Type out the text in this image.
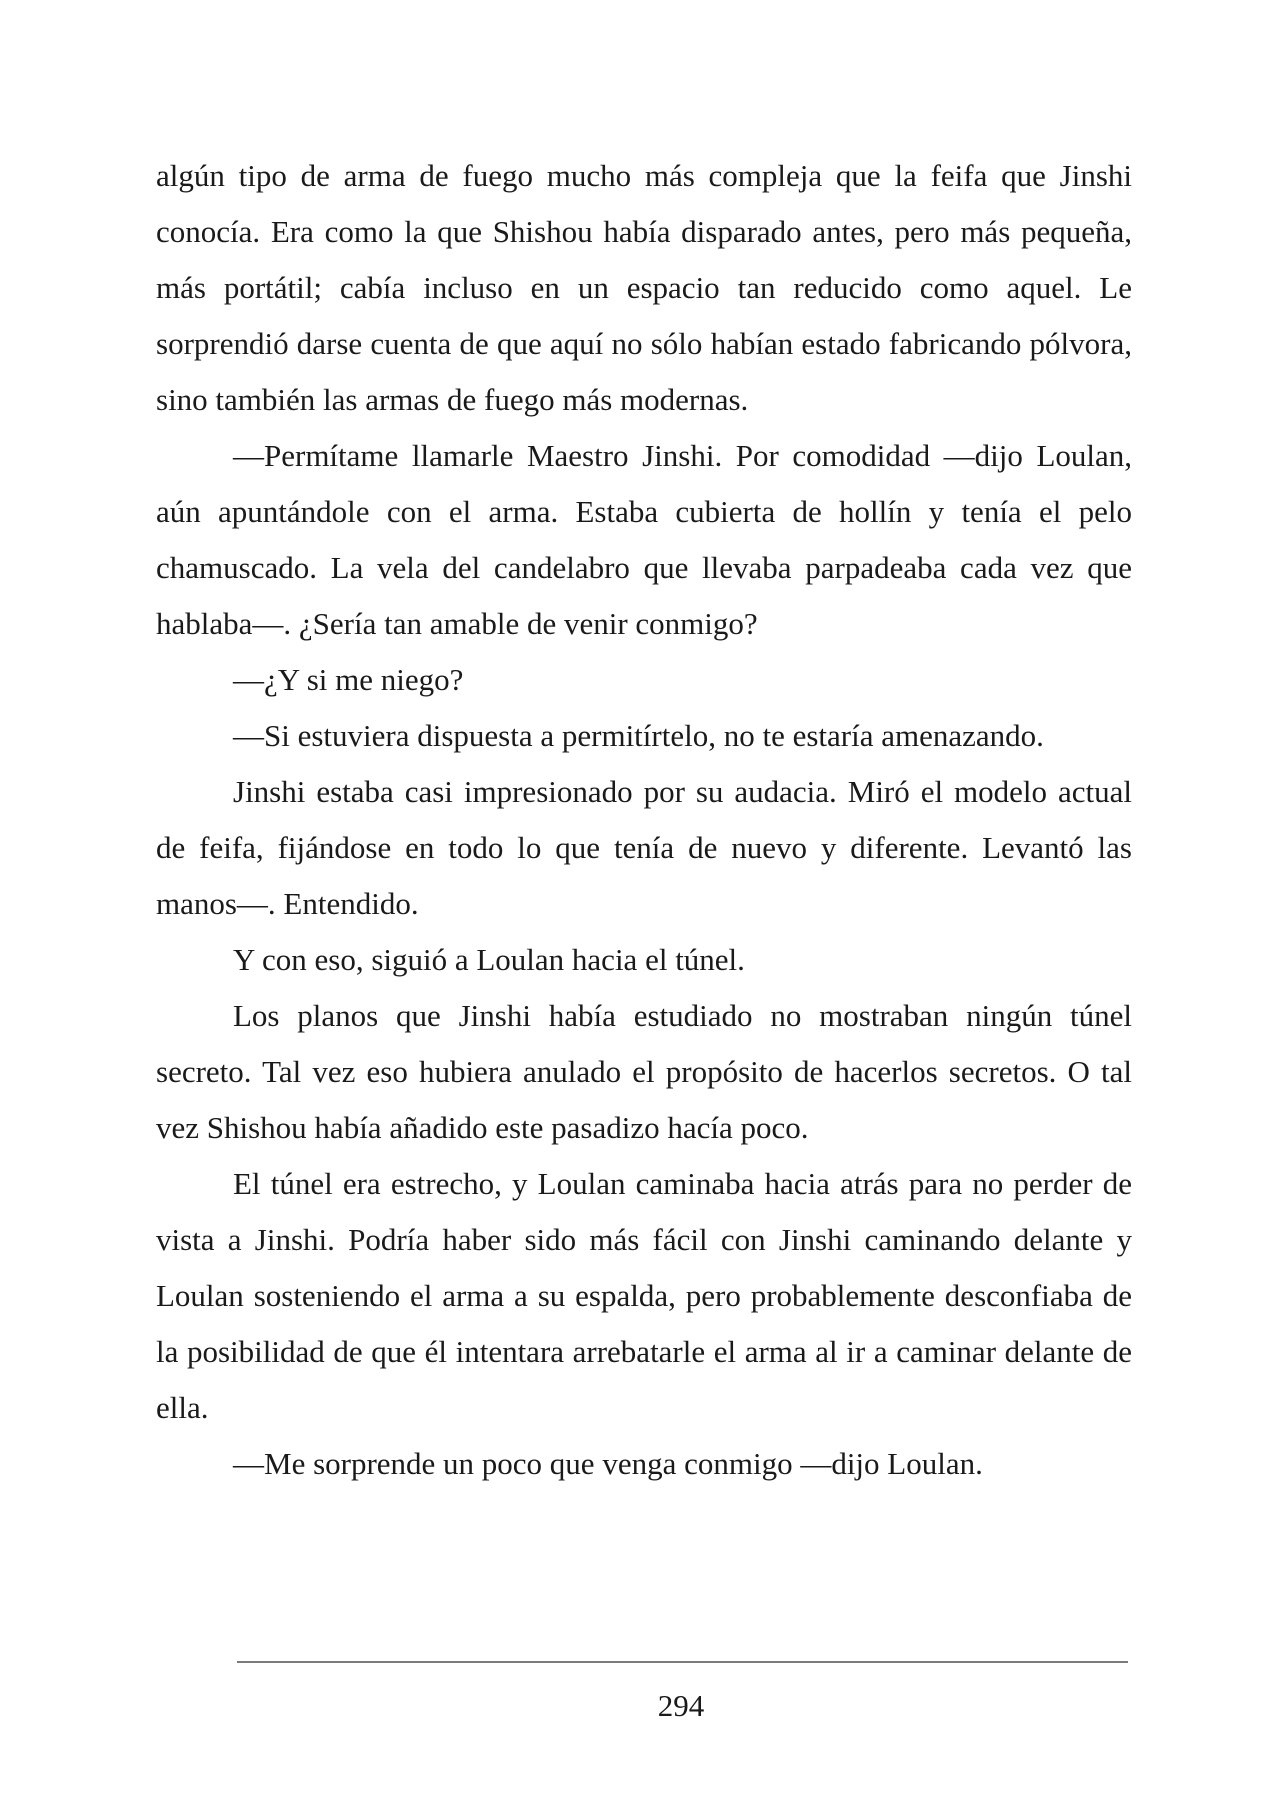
algún tipo de arma de fuego mucho más compleja que la feifa que Jinshi conocía. Era como la que Shishou había disparado antes, pero más pequeña, más portátil; cabía incluso en un espacio tan reducido como aquel. Le sorprendió darse cuenta de que aquí no sólo habían estado fabricando pólvora, sino también las armas de fuego más modernas.

—Permítame llamarle Maestro Jinshi. Por comodidad —dijo Loulan, aún apuntándole con el arma. Estaba cubierta de hollín y tenía el pelo chamuscado. La vela del candelabro que llevaba parpadeaba cada vez que hablaba—. ¿Sería tan amable de venir conmigo?

—¿Y si me niego?

—Si estuviera dispuesta a permitírtelo, no te estaría amenazando.

Jinshi estaba casi impresionado por su audacia. Miró el modelo actual de feifa, fijándose en todo lo que tenía de nuevo y diferente. Levantó las manos—. Entendido.

Y con eso, siguió a Loulan hacia el túnel.

Los planos que Jinshi había estudiado no mostraban ningún túnel secreto. Tal vez eso hubiera anulado el propósito de hacerlos secretos. O tal vez Shishou había añadido este pasadizo hacía poco.

El túnel era estrecho, y Loulan caminaba hacia atrás para no perder de vista a Jinshi. Podría haber sido más fácil con Jinshi caminando delante y Loulan sosteniendo el arma a su espalda, pero probablemente desconfiaba de la posibilidad de que él intentara arrebatarle el arma al ir a caminar delante de ella.

—Me sorprende un poco que venga conmigo —dijo Loulan.

294
